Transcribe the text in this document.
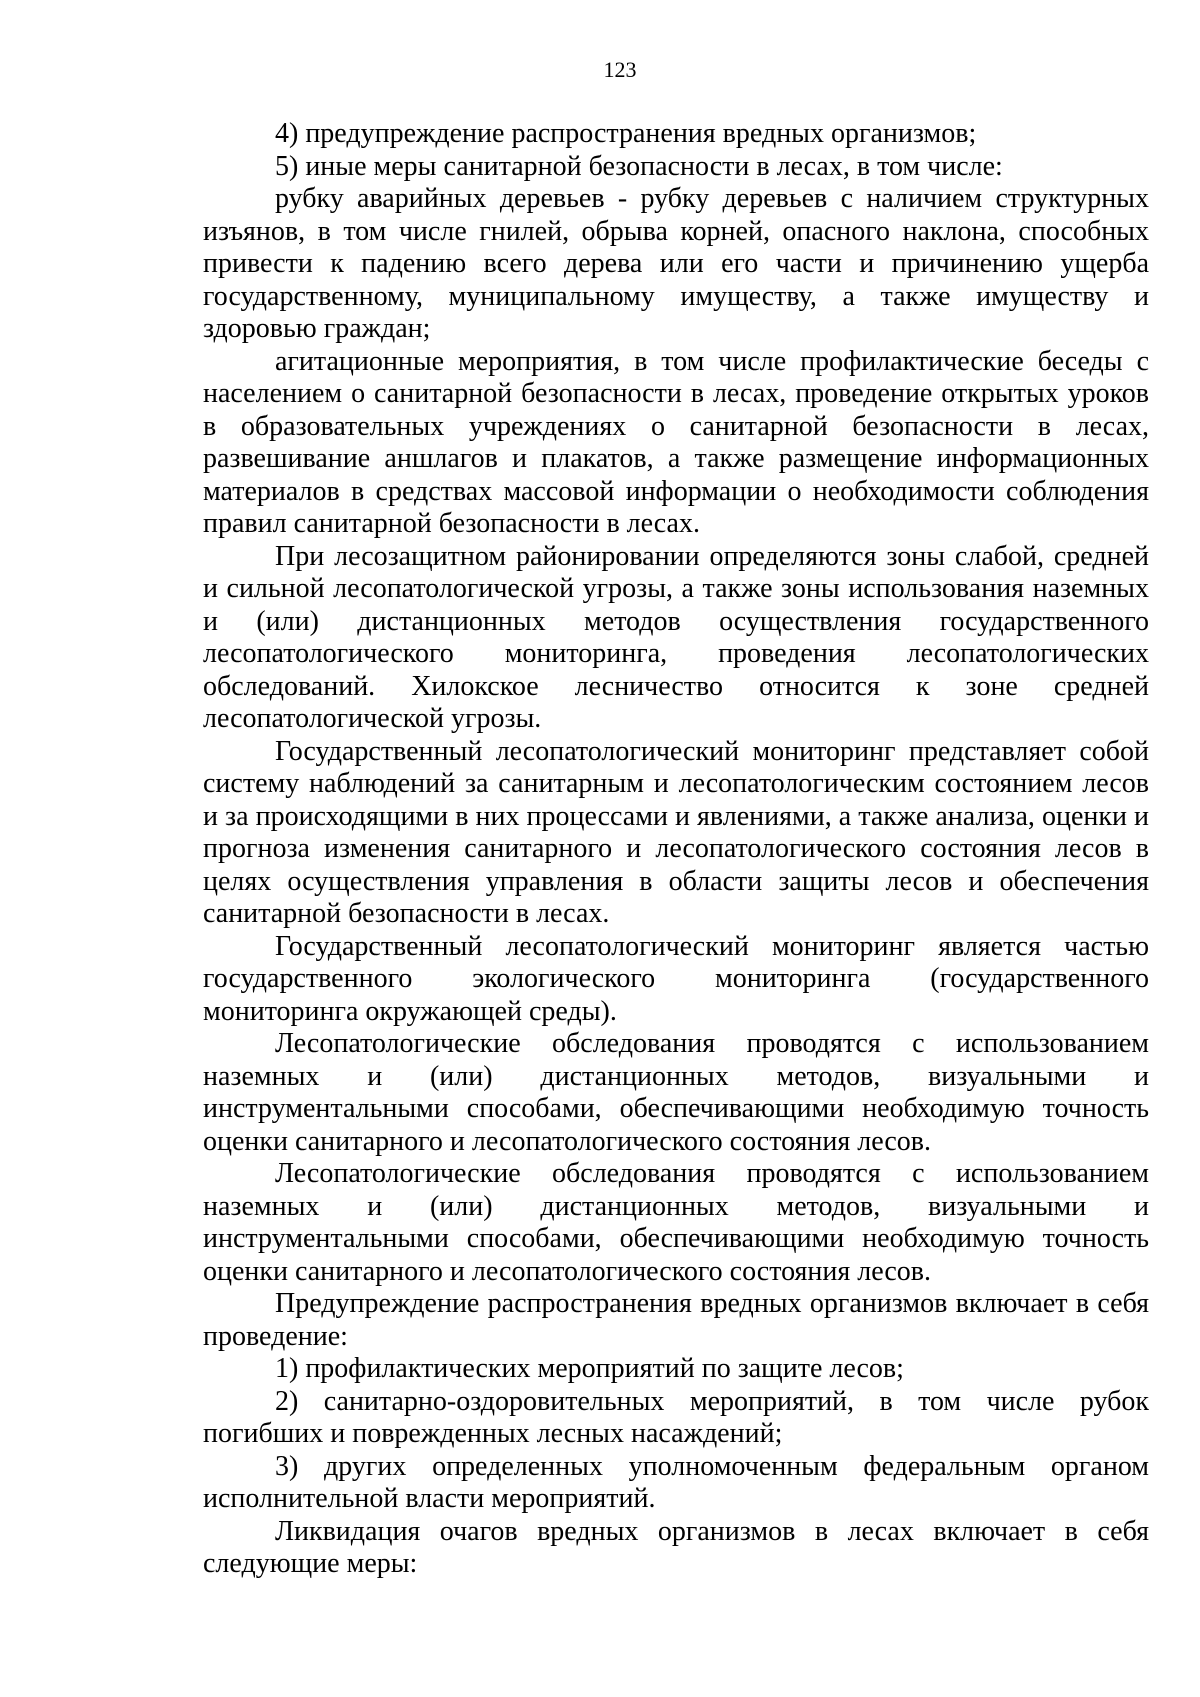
123

4) предупреждение распространения вредных организмов;

5) иные меры санитарной безопасности в лесах, в том числе:

рубку аварийных деревьев - рубку деревьев с наличием структурных изъянов, в том числе гнилей, обрыва корней, опасного наклона, способных привести к падению всего дерева или его части и причинению ущерба государственному, муниципальному имуществу, а также имуществу и здоровью граждан;

агитационные мероприятия, в том числе профилактические беседы с населением о санитарной безопасности в лесах, проведение открытых уроков в образовательных учреждениях о санитарной безопасности в лесах, развешивание аншлагов и плакатов, а также размещение информационных материалов в средствах массовой информации о необходимости соблюдения правил санитарной безопасности в лесах.

При лесозащитном районировании определяются зоны слабой, средней и сильной лесопатологической угрозы, а также зоны использования наземных и (или) дистанционных методов осуществления государственного лесопатологического мониторинга, проведения лесопатологических обследований. Хилокское лесничество относится к зоне средней лесопатологической угрозы.

Государственный лесопатологический мониторинг представляет собой систему наблюдений за санитарным и лесопатологическим состоянием лесов и за происходящими в них процессами и явлениями, а также анализа, оценки и прогноза изменения санитарного и лесопатологического состояния лесов в целях осуществления управления в области защиты лесов и обеспечения санитарной безопасности в лесах.

Государственный лесопатологический мониторинг является частью государственного экологического мониторинга (государственного мониторинга окружающей среды).

Лесопатологические обследования проводятся с использованием наземных и (или) дистанционных методов, визуальными и инструментальными способами, обеспечивающими необходимую точность оценки санитарного и лесопатологического состояния лесов.

Лесопатологические обследования проводятся с использованием наземных и (или) дистанционных методов, визуальными и инструментальными способами, обеспечивающими необходимую точность оценки санитарного и лесопатологического состояния лесов.

Предупреждение распространения вредных организмов включает в себя проведение:

1) профилактических мероприятий по защите лесов;

2) санитарно-оздоровительных мероприятий, в том числе рубок погибших и поврежденных лесных насаждений;

3) других определенных уполномоченным федеральным органом исполнительной власти мероприятий.

Ликвидация очагов вредных организмов в лесах включает в себя следующие меры:
